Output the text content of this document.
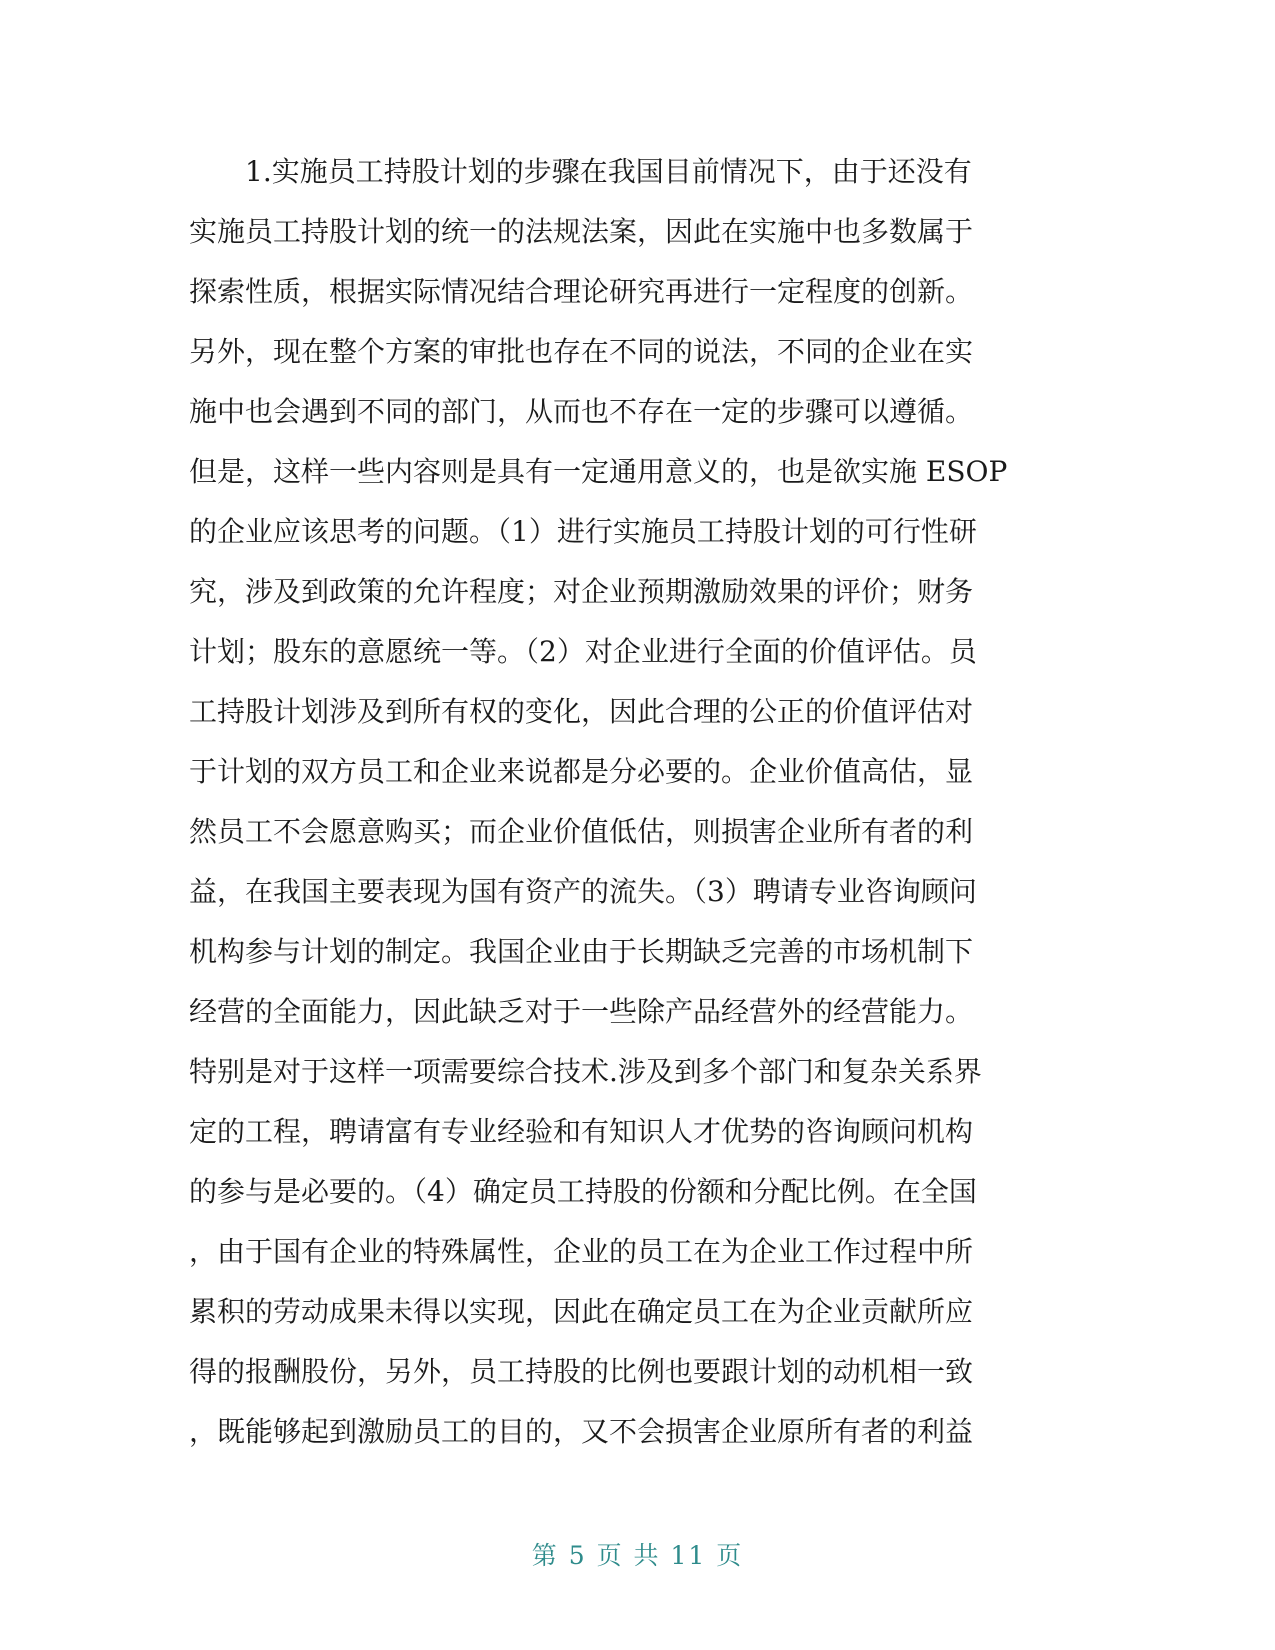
1.实施员工持股计划的步骤在我国目前情况下，由于还没有
实施员工持股计划的统一的法规法案，因此在实施中也多数属于
探索性质，根据实际情况结合理论研究再进行一定程度的创新。
另外，现在整个方案的审批也存在不同的说法，不同的企业在实
施中也会遇到不同的部门，从而也不存在一定的步骤可以遵循。
但是，这样一些内容则是具有一定通用意义的，也是欲实施 ESOP
的企业应该思考的问题。（1）进行实施员工持股计划的可行性研
究，涉及到政策的允许程度；对企业预期激励效果的评价；财务
计划；股东的意愿统一等。（2）对企业进行全面的价值评估。员
工持股计划涉及到所有权的变化，因此合理的公正的价值评估对
于计划的双方员工和企业来说都是分必要的。企业价值高估，显
然员工不会愿意购买；而企业价值低估，则损害企业所有者的利
益，在我国主要表现为国有资产的流失。（3）聘请专业咨询顾问
机构参与计划的制定。我国企业由于长期缺乏完善的市场机制下
经营的全面能力，因此缺乏对于一些除产品经营外的经营能力。
特别是对于这样一项需要综合技术.涉及到多个部门和复杂关系界
定的工程，聘请富有专业经验和有知识人才优势的咨询顾问机构
的参与是必要的。（4）确定员工持股的份额和分配比例。在全国
，由于国有企业的特殊属性，企业的员工在为企业工作过程中所
累积的劳动成果未得以实现，因此在确定员工在为企业贡献所应
得的报酬股份，另外，员工持股的比例也要跟计划的动机相一致
，既能够起到激励员工的目的，又不会损害企业原所有者的利益
第 5 页 共 11 页
